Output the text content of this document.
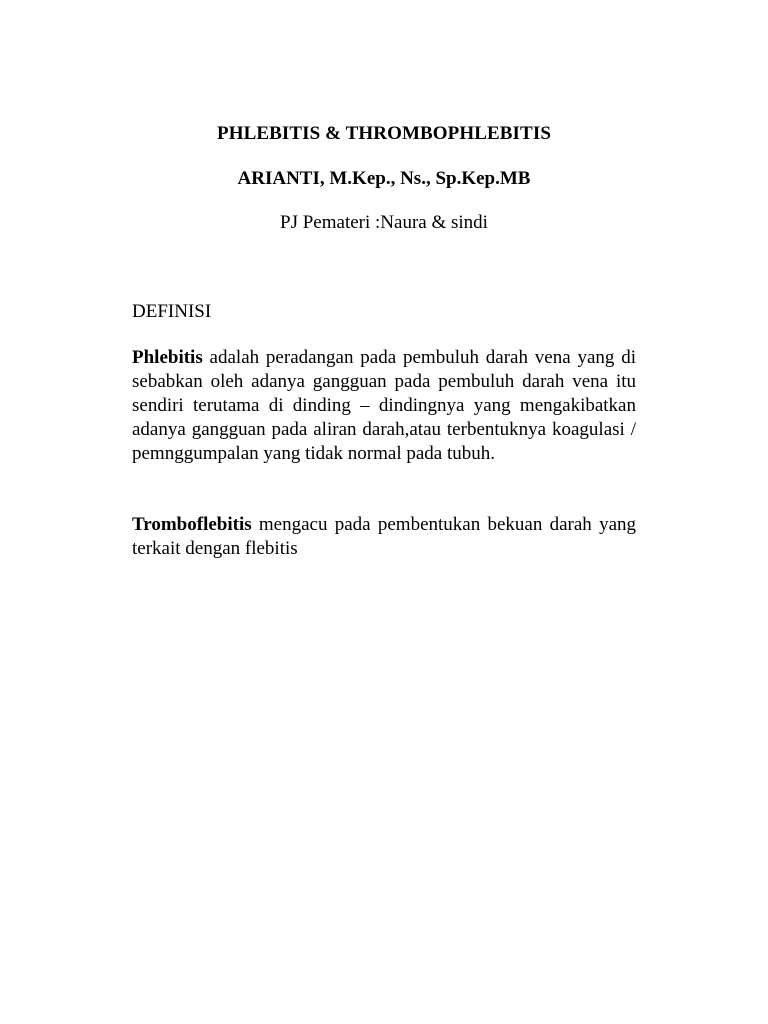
PHLEBITIS & THROMBOPHLEBITIS
ARIANTI, M.Kep., Ns., Sp.Kep.MB
PJ Pemateri :Naura & sindi
DEFINISI
Phlebitis adalah peradangan pada pembuluh darah vena yang di sebabkan oleh adanya gangguan pada pembuluh darah vena itu sendiri terutama di dinding – dindingnya yang mengakibatkan adanya gangguan pada aliran darah,atau terbentuknya koagulasi / pemnggumpalan yang tidak normal pada tubuh.
Tromboflebitis mengacu pada pembentukan bekuan darah yang terkait dengan flebitis
